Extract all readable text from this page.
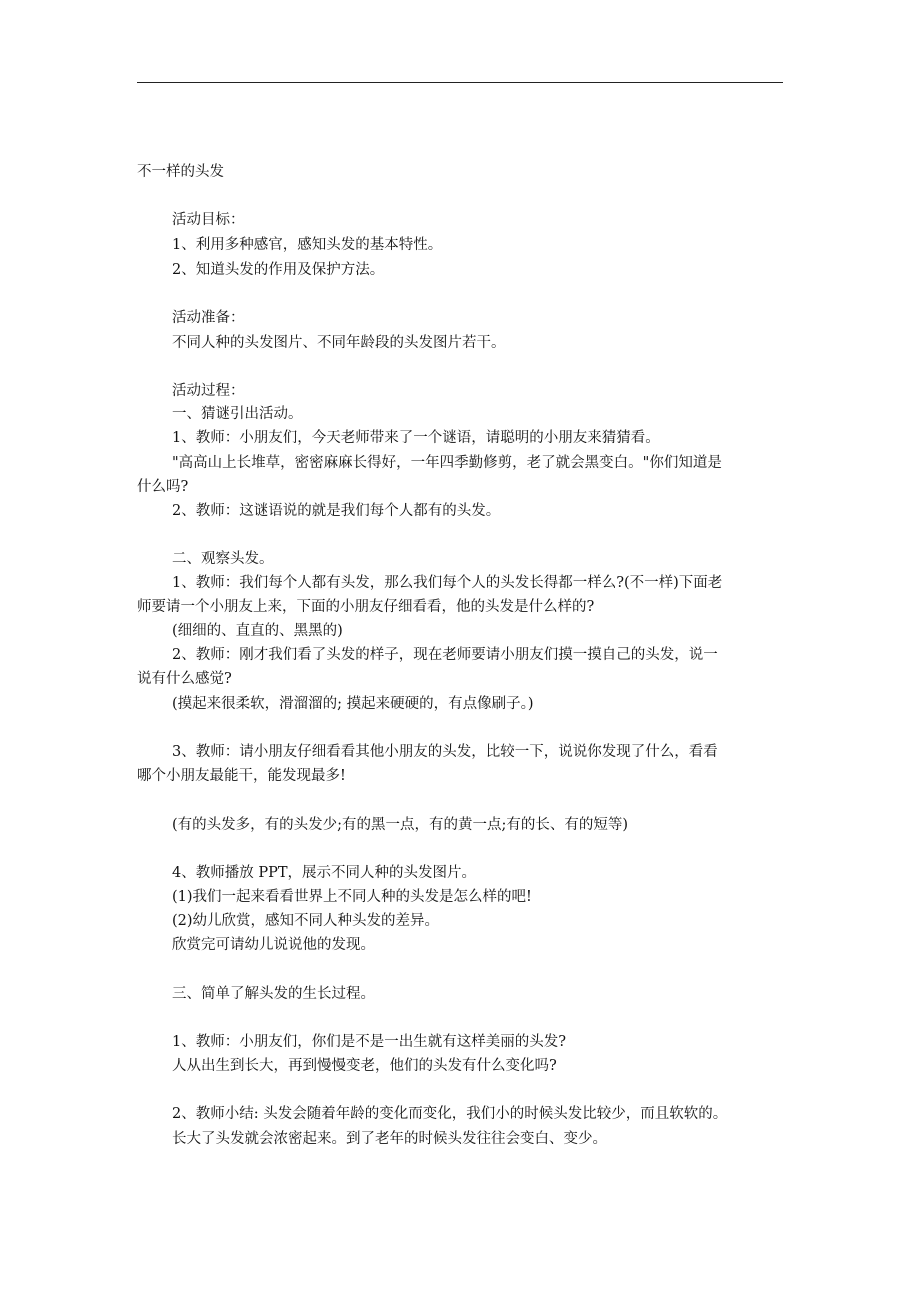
不一样的头发
活动目标：
1、利用多种感官，感知头发的基本特性。
2、知道头发的作用及保护方法。
活动准备：
不同人种的头发图片、不同年龄段的头发图片若干。
活动过程：
一、猜谜引出活动。
1、教师：小朋友们，今天老师带来了一个谜语，请聪明的小朋友来猜猜看。
"高高山上长堆草，密密麻麻长得好，一年四季勤修剪，老了就会黑变白。"你们知道是
什么吗?
2、教师：这谜语说的就是我们每个人都有的头发。
二、观察头发。
1、教师：我们每个人都有头发，那么我们每个人的头发长得都一样么?(不一样)下面老
师要请一个小朋友上来，下面的小朋友仔细看看，他的头发是什么样的?
(细细的、直直的、黑黑的)
2、教师：刚才我们看了头发的样子，现在老师要请小朋友们摸一摸自己的头发，说一
说有什么感觉?
(摸起来很柔软，滑溜溜的; 摸起来硬硬的，有点像刷子。)
3、教师：请小朋友仔细看看其他小朋友的头发，比较一下，说说你发现了什么，看看
哪个小朋友最能干，能发现最多!
(有的头发多，有的头发少;有的黑一点，有的黄一点;有的长、有的短等)
4、教师播放 PPT，展示不同人种的头发图片。
(1)我们一起来看看世界上不同人种的头发是怎么样的吧!
(2)幼儿欣赏，感知不同人种头发的差异。
欣赏完可请幼儿说说他的发现。
三、简单了解头发的生长过程。
1、教师：小朋友们，你们是不是一出生就有这样美丽的头发?
人从出生到长大，再到慢慢变老，他们的头发有什么变化吗?
2、教师小结: 头发会随着年龄的变化而变化，我们小的时候头发比较少，而且软软的。
长大了头发就会浓密起来。到了老年的时候头发往往会变白、变少。
